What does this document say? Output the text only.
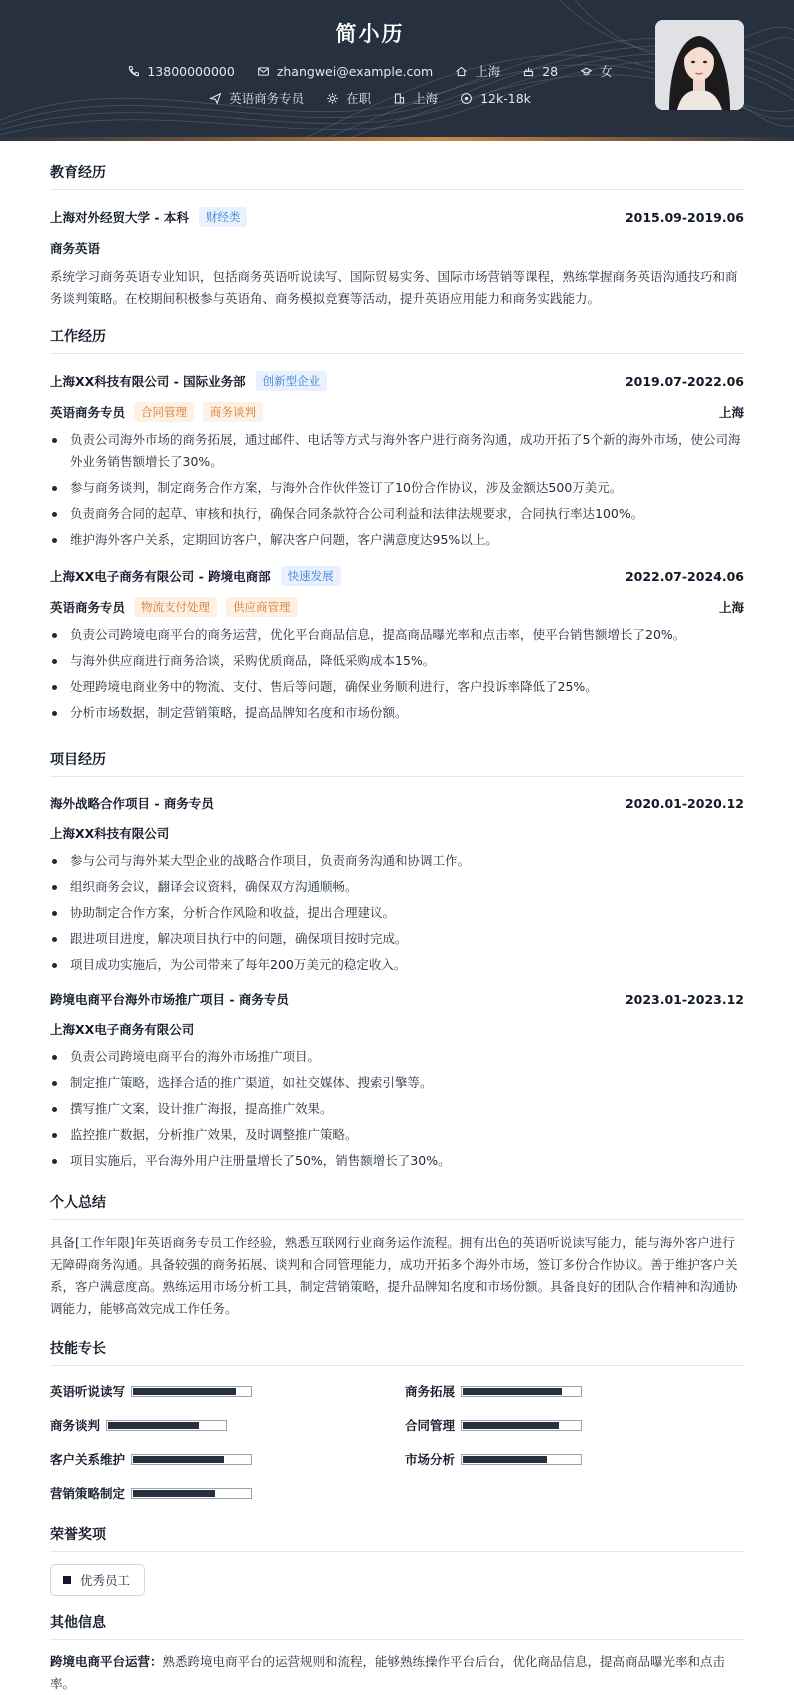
简小历
13800000000	zhangwei@example.com	上海	28	女
英语商务专员	在职	上海	12k-18k
教育经历
上海对外经贸大学 - 本科	财经类	2015.09-2019.06
商务英语
系统学习商务英语专业知识，包括商务英语听说读写、国际贸易实务、国际市场营销等课程，熟练掌握商务英语沟通技巧和商务谈判策略。在校期间积极参与英语角、商务模拟竞赛等活动，提升英语应用能力和商务实践能力。
工作经历
上海XX科技有限公司 - 国际业务部	创新型企业	2019.07-2022.06
英语商务专员	合同管理	商务谈判	上海
负责公司海外市场的商务拓展，通过邮件、电话等方式与海外客户进行商务沟通，成功开拓了5个新的海外市场，使公司海外业务销售额增长了30%。
参与商务谈判，制定商务合作方案，与海外合作伙伴签订了10份合作协议，涉及金额达500万美元。
负责商务合同的起草、审核和执行，确保合同条款符合公司利益和法律法规要求，合同执行率达100%。
维护海外客户关系，定期回访客户，解决客户问题，客户满意度达95%以上。
上海XX电子商务有限公司 - 跨境电商部	快速发展	2022.07-2024.06
英语商务专员	物流支付处理	供应商管理	上海
负责公司跨境电商平台的商务运营，优化平台商品信息，提高商品曝光率和点击率，使平台销售额增长了20%。
与海外供应商进行商务洽谈，采购优质商品，降低采购成本15%。
处理跨境电商业务中的物流、支付、售后等问题，确保业务顺利进行，客户投诉率降低了25%。
分析市场数据，制定营销策略，提高品牌知名度和市场份额。
项目经历
海外战略合作项目 - 商务专员	2020.01-2020.12
上海XX科技有限公司
参与公司与海外某大型企业的战略合作项目，负责商务沟通和协调工作。
组织商务会议，翻译会议资料，确保双方沟通顺畅。
协助制定合作方案，分析合作风险和收益，提出合理建议。
跟进项目进度，解决项目执行中的问题，确保项目按时完成。
项目成功实施后，为公司带来了每年200万美元的稳定收入。
跨境电商平台海外市场推广项目 - 商务专员	2023.01-2023.12
上海XX电子商务有限公司
负责公司跨境电商平台的海外市场推广项目。
制定推广策略，选择合适的推广渠道，如社交媒体、搜索引擎等。
撰写推广文案，设计推广海报，提高推广效果。
监控推广数据，分析推广效果，及时调整推广策略。
项目实施后，平台海外用户注册量增长了50%，销售额增长了30%。
个人总结
具备[工作年限]年英语商务专员工作经验，熟悉互联网行业商务运作流程。拥有出色的英语听说读写能力，能与海外客户进行无障碍商务沟通。具备较强的商务拓展、谈判和合同管理能力，成功开拓多个海外市场，签订多份合作协议。善于维护客户关系，客户满意度高。熟练运用市场分析工具，制定营销策略，提升品牌知名度和市场份额。具备良好的团队合作精神和沟通协调能力，能够高效完成工作任务。
技能专长
英语听说读写	商务拓展
商务谈判	合同管理
客户关系维护	市场分析
营销策略制定
荣誉奖项
优秀员工
其他信息
跨境电商平台运营：熟悉跨境电商平台的运营规则和流程，能够熟练操作平台后台，优化商品信息，提高商品曝光率和点击率。
